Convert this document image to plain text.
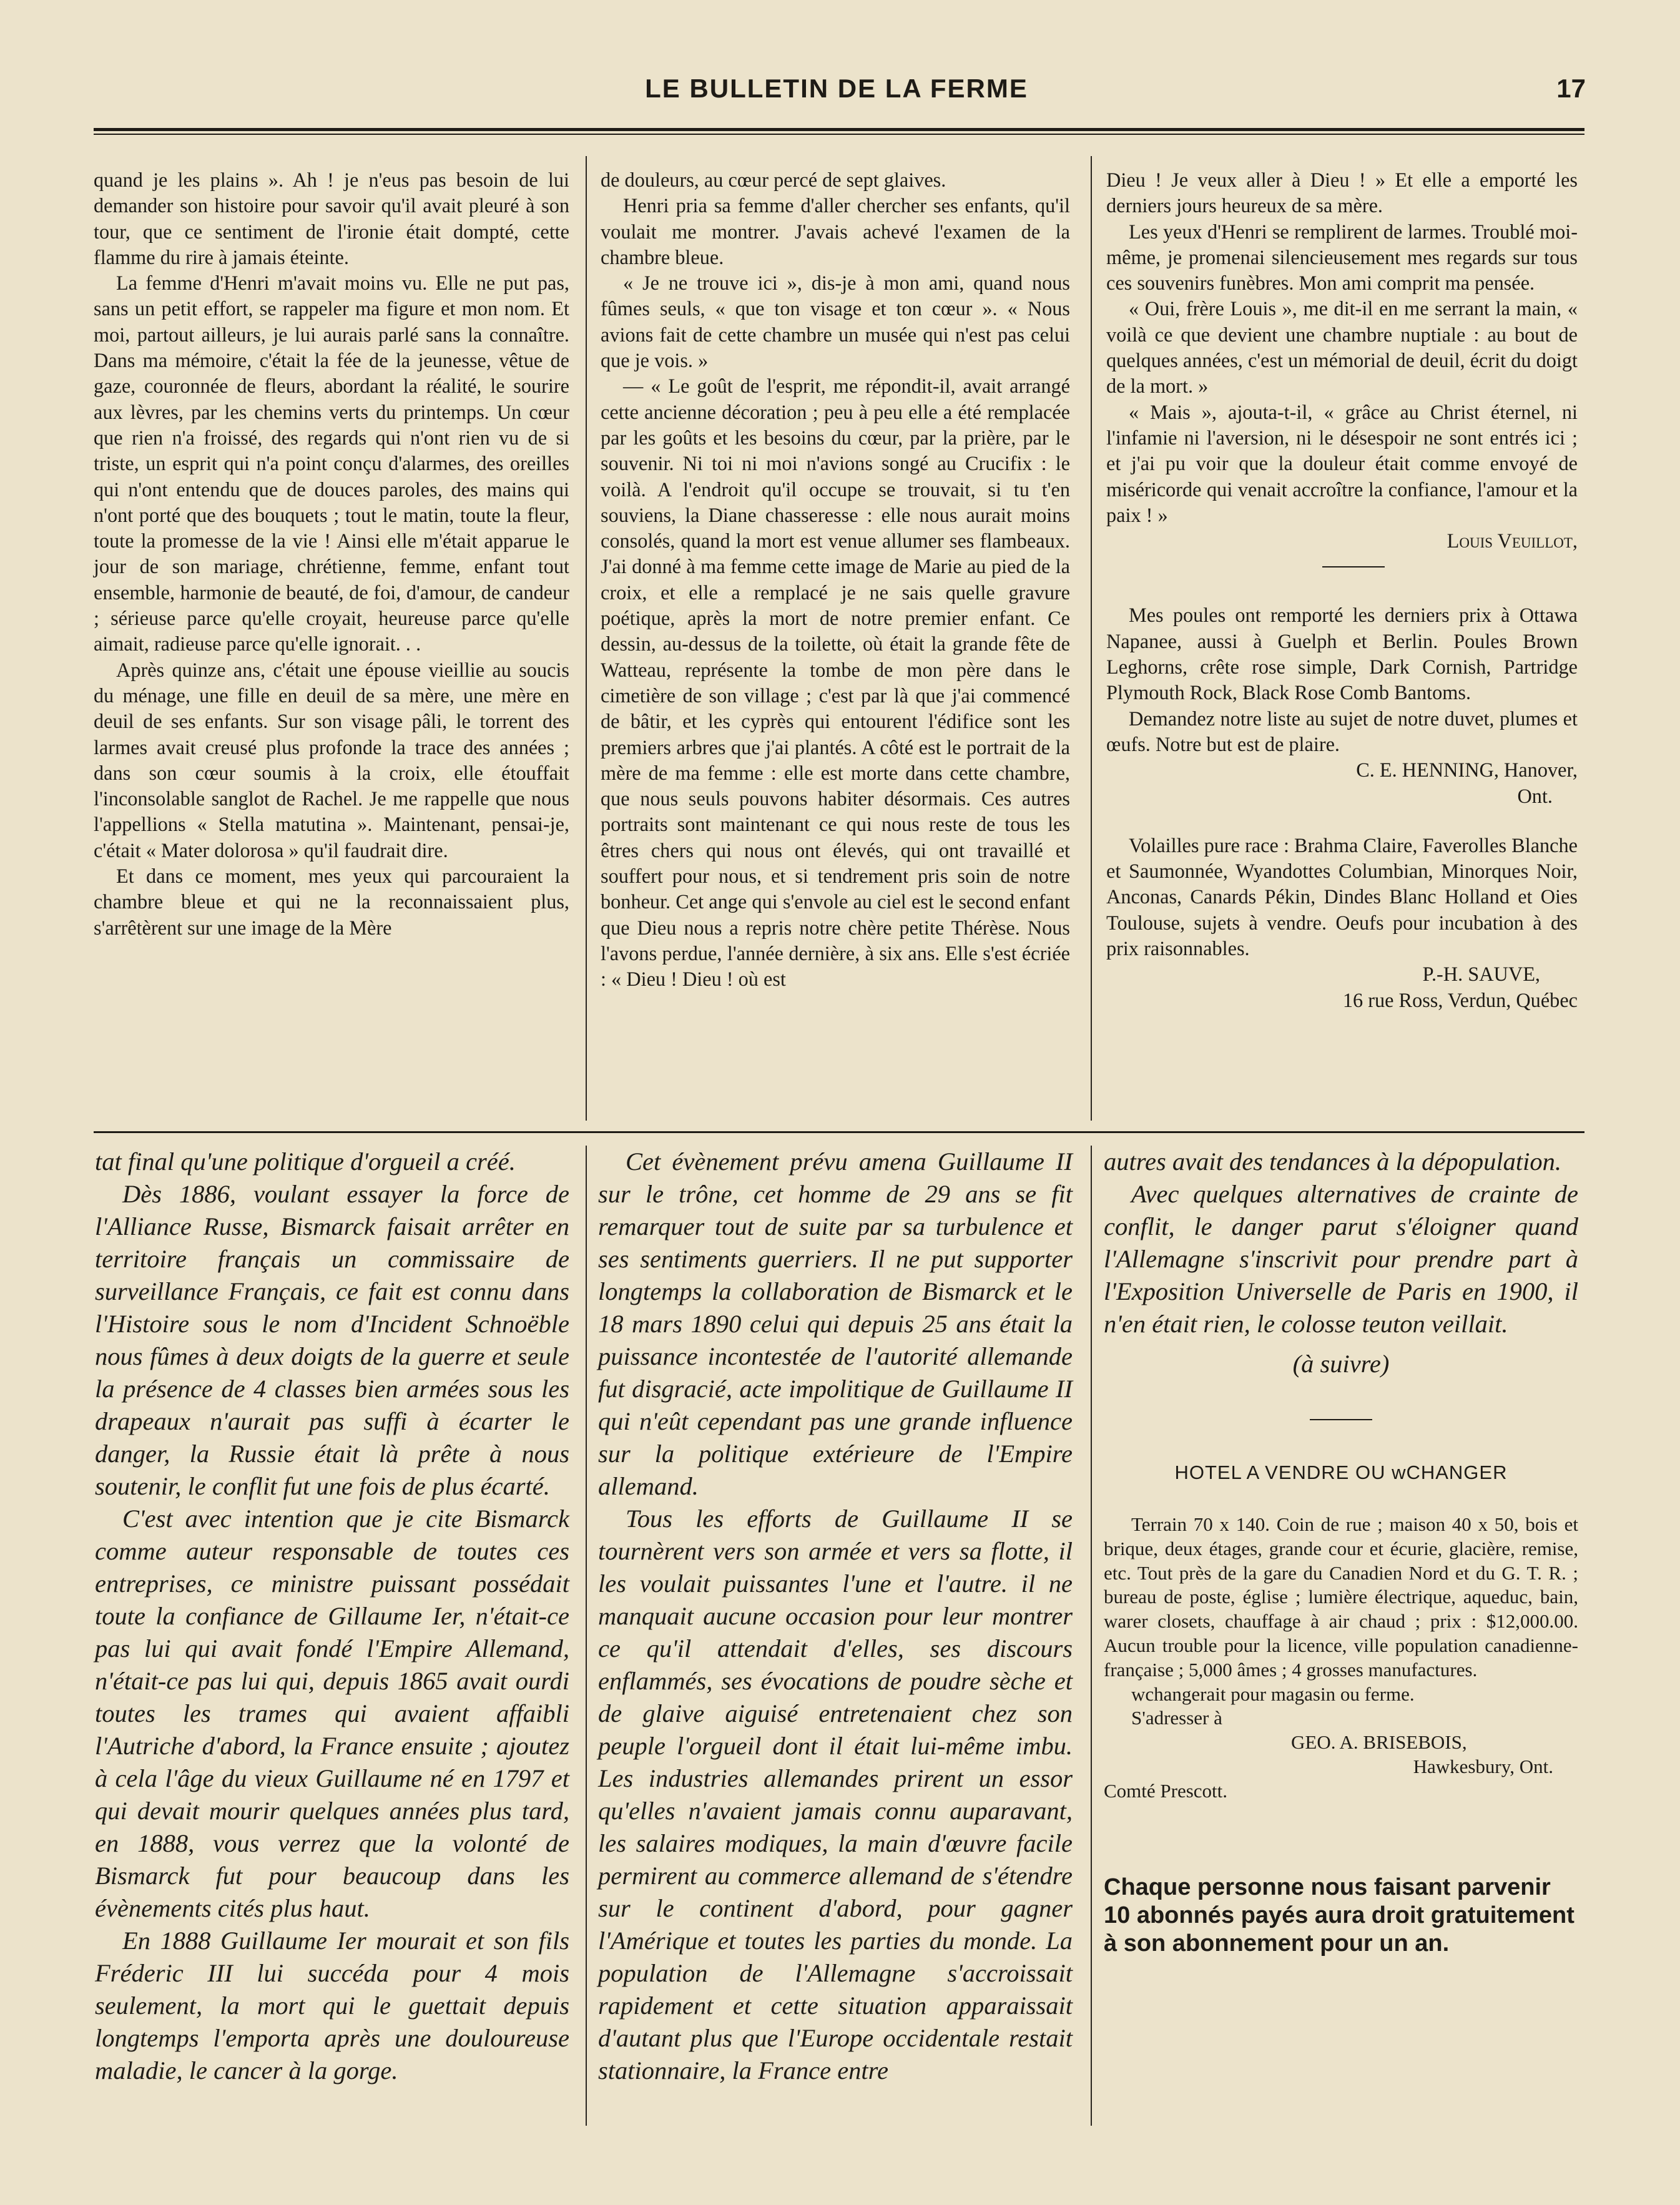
LE BULLETIN DE LA FERME	17

quand je les plains ». Ah ! je n'eus pas besoin de lui demander son histoire pour savoir qu'il avait pleuré à son tour, que ce sentiment de l'ironie était dompté, cette flamme du rire à jamais éteinte.

La femme d'Henri m'avait moins vu. Elle ne put pas, sans un petit effort, se rappeler ma figure et mon nom. Et moi, partout ailleurs, je lui aurais parlé sans la connaître. Dans ma mémoire, c'était la fée de la jeunesse, vêtue de gaze, couronnée de fleurs, abordant la réalité, le sourire aux lèvres, par les chemins verts du printemps. Un cœur que rien n'a froissé, des regards qui n'ont rien vu de si triste, un esprit qui n'a point conçu d'alarmes, des oreilles qui n'ont entendu que de douces paroles, des mains qui n'ont porté que des bouquets ; tout le matin, toute la fleur, toute la promesse de la vie ! Ainsi elle m'était apparue le jour de son mariage, chrétienne, femme, enfant tout ensemble, harmonie de beauté, de foi, d'amour, de candeur ; sérieuse parce qu'elle croyait, heureuse parce qu'elle aimait, radieuse parce qu'elle ignorait. . .

Après quinze ans, c'était une épouse vieillie au soucis du ménage, une fille en deuil de sa mère, une mère en deuil de ses enfants. Sur son visage pâli, le torrent des larmes avait creusé plus profonde la trace des années ; dans son cœur soumis à la croix, elle étouffait l'inconsolable sanglot de Rachel. Je me rappelle que nous l'appellions « Stella matutina ». Maintenant, pensai-je, c'était « Mater dolorosa » qu'il faudrait dire.

Et dans ce moment, mes yeux qui parcouraient la chambre bleue et qui ne la reconnaissaient plus, s'arrêtèrent sur une image de la Mère

de douleurs, au cœur percé de sept glaives.

Henri pria sa femme d'aller chercher ses enfants, qu'il voulait me montrer. J'avais achevé l'examen de la chambre bleue.

« Je ne trouve ici », dis-je à mon ami, quand nous fûmes seuls, « que ton visage et ton cœur ». « Nous avions fait de cette chambre un musée qui n'est pas celui que je vois. »

— « Le goût de l'esprit, me répondit-il, avait arrangé cette ancienne décoration ; peu à peu elle a été remplacée par les goûts et les besoins du cœur, par la prière, par le souvenir. Ni toi ni moi n'avions songé au Crucifix : le voilà. A l'endroit qu'il occupe se trouvait, si tu t'en souviens, la Diane chasseresse : elle nous aurait moins consolés, quand la mort est venue allumer ses flambeaux. J'ai donné à ma femme cette image de Marie au pied de la croix, et elle a remplacé je ne sais quelle gravure poétique, après la mort de notre premier enfant. Ce dessin, au-dessus de la toilette, où était la grande fête de Watteau, représente la tombe de mon père dans le cimetière de son village ; c'est par là que j'ai commencé de bâtir, et les cyprès qui entourent l'édifice sont les premiers arbres que j'ai plantés. A côté est le portrait de la mère de ma femme : elle est morte dans cette chambre, que nous seuls pouvons habiter désormais. Ces autres portraits sont maintenant ce qui nous reste de tous les êtres chers qui nous ont élevés, qui ont travaillé et souffert pour nous, et si tendrement pris soin de notre bonheur. Cet ange qui s'envole au ciel est le second enfant que Dieu nous a repris notre chère petite Thérèse. Nous l'avons perdue, l'année dernière, à six ans. Elle s'est écriée : « Dieu ! Dieu ! où est

Dieu ! Je veux aller à Dieu ! » Et elle a emporté les derniers jours heureux de sa mère.

Les yeux d'Henri se remplirent de larmes. Troublé moi-même, je promenai silencieusement mes regards sur tous ces souvenirs funèbres. Mon ami comprit ma pensée.

« Oui, frère Louis », me dit-il en me serrant la main, « voilà ce que devient une chambre nuptiale : au bout de quelques années, c'est un mémorial de deuil, écrit du doigt de la mort. »

« Mais », ajouta-t-il, « grâce au Christ éternel, ni l'infamie ni l'aversion, ni le désespoir ne sont entrés ici ; et j'ai pu voir que la douleur était comme envoyé de miséricorde qui venait accroître la confiance, l'amour et la paix ! »

Louis Veuillot,

Mes poules ont remporté les derniers prix à Ottawa Napanee, aussi à Guelph et Berlin. Poules Brown Leghorns, crête rose simple, Dark Cornish, Partridge Plymouth Rock, Black Rose Comb Bantoms.

Demandez notre liste au sujet de notre duvet, plumes et œufs. Notre but est de plaire.

C. E. HENNING, Hanover,

Ont.

Volailles pure race : Brahma Claire, Faverolles Blanche et Saumonnée, Wyandottes Columbian, Minorques Noir, Anconas, Canards Pékin, Dindes Blanc Holland et Oies Toulouse, sujets à vendre. Oeufs pour incubation à des prix raisonnables.

P.-H. SAUVE,

16 rue Ross, Verdun, Québec

tat final qu'une politique d'orgueil a créé.

Dès 1886, voulant essayer la force de l'Alliance Russe, Bismarck faisait arrêter en territoire français un commissaire de surveillance Français, ce fait est connu dans l'Histoire sous le nom d'Incident Schnoëble nous fûmes à deux doigts de la guerre et seule la présence de 4 classes bien armées sous les drapeaux n'aurait pas suffi à écarter le danger, la Russie était là prête à nous soutenir, le conflit fut une fois de plus écarté.

C'est avec intention que je cite Bismarck comme auteur responsable de toutes ces entreprises, ce ministre puissant possédait toute la confiance de Gillaume Ier, n'était-ce pas lui qui avait fondé l'Empire Allemand, n'était-ce pas lui qui, depuis 1865 avait ourdi toutes les trames qui avaient affaibli l'Autriche d'abord, la France ensuite ; ajoutez à cela l'âge du vieux Guillaume né en 1797 et qui devait mourir quelques années plus tard, en 1888, vous verrez que la volonté de Bismarck fut pour beaucoup dans les évènements cités plus haut.

En 1888 Guillaume Ier mourait et son fils Fréderic III lui succéda pour 4 mois seulement, la mort qui le guettait depuis longtemps l'emporta après une douloureuse maladie, le cancer à la gorge.

Cet évènement prévu amena Guillaume II sur le trône, cet homme de 29 ans se fit remarquer tout de suite par sa turbulence et ses sentiments guerriers. Il ne put supporter longtemps la collaboration de Bismarck et le 18 mars 1890 celui qui depuis 25 ans était la puissance incontestée de l'autorité allemande fut disgracié, acte impolitique de Guillaume II qui n'eût cependant pas une grande influence sur la politique extérieure de l'Empire allemand.

Tous les efforts de Guillaume II se tournèrent vers son armée et vers sa flotte, il les voulait puissantes l'une et l'autre. il ne manquait aucune occasion pour leur montrer ce qu'il attendait d'elles, ses discours enflammés, ses évocations de poudre sèche et de glaive aiguisé entretenaient chez son peuple l'orgueil dont il était lui-même imbu. Les industries allemandes prirent un essor qu'elles n'avaient jamais connu auparavant, les salaires modiques, la main d'œuvre facile permirent au commerce allemand de s'étendre sur le continent d'abord, pour gagner l'Amérique et toutes les parties du monde. La population de l'Allemagne s'accroissait rapidement et cette situation apparaissait d'autant plus que l'Europe occidentale restait stationnaire, la France entre

autres avait des tendances à la dépopulation.

Avec quelques alternatives de crainte de conflit, le danger parut s'éloigner quand l'Allemagne s'inscrivit pour prendre part à l'Exposition Universelle de Paris en 1900, il n'en était rien, le colosse teuton veillait.

(à suivre)

HOTEL A VENDRE OU wCHANGER

Terrain 70 x 140. Coin de rue ; maison 40 x 50, bois et brique, deux étages, grande cour et écurie, glacière, remise, etc. Tout près de la gare du Canadien Nord et du G. T. R. ; bureau de poste, église ; lumière électrique, aqueduc, bain, warer closets, chauffage à air chaud ; prix : $12,000.00. Aucun trouble pour la licence, ville population canadienne-française ; 5,000 âmes ; 4 grosses manufactures.

wchangerait pour magasin ou ferme.

S'adresser à

GEO. A. BRISEBOIS,

Hawkesbury, Ont.

Comté Prescott.

Chaque personne nous faisant parvenir 10 abonnés payés aura droit gratuitement à son abonnement pour un an.
